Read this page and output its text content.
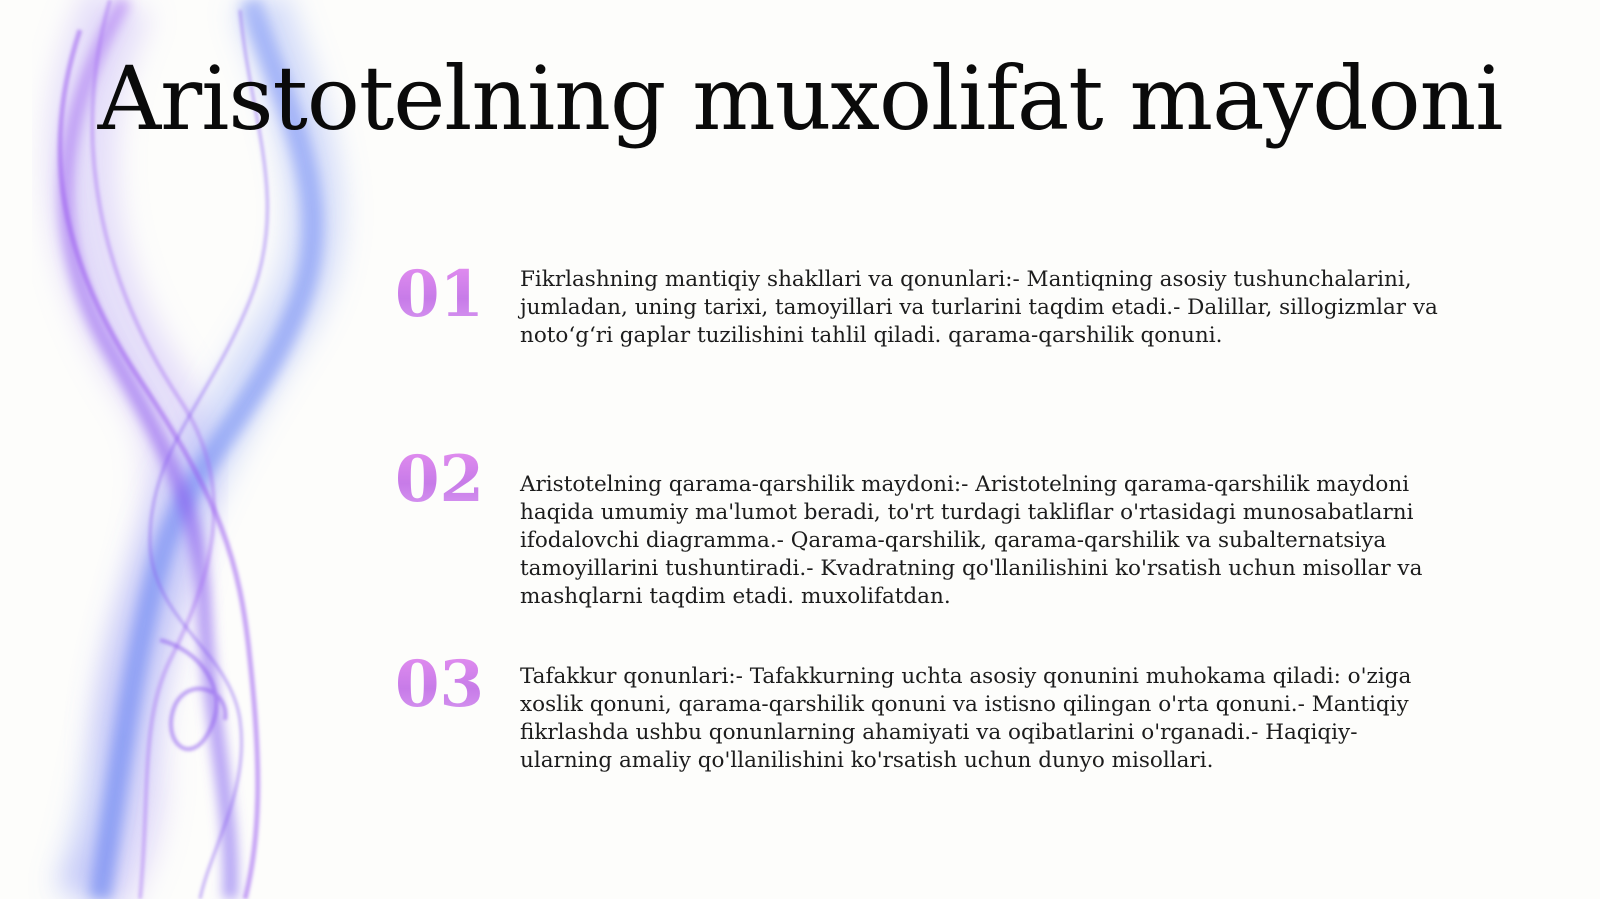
Aristotelning muxolifat maydoni
01 Fikrlashning mantiqiy shakllari va qonunlari:- Mantiqning asosiy tushunchalarini, jumladan, uning tarixi, tamoyillari va turlarini taqdim etadi.- Dalillar, sillogizmlar va noto‘g‘ri gaplar tuzilishini tahlil qiladi. qarama-qarshilik qonuni.

02 Aristotelning qarama-qarshilik maydoni:- Aristotelning qarama-qarshilik maydoni haqida umumiy ma'lumot beradi, to'rt turdagi takliflar o'rtasidagi munosabatlarni ifodalovchi diagramma.- Qarama-qarshilik, qarama-qarshilik va subalternatsiya tamoyillarini tushuntiradi.- Kvadratning qo'llanilishini ko'rsatish uchun misollar va mashqlarni taqdim etadi. muxolifatdan.

03 Tafakkur qonunlari:- Tafakkurning uchta asosiy qonunini muhokama qiladi: o'ziga xoslik qonuni, qarama-qarshilik qonuni va istisno qilingan o'rta qonuni.- Mantiqiy fikrlashda ushbu qonunlarning ahamiyati va oqibatlarini o'rganadi.- Haqiqiy-ularning amaliy qo'llanilishini ko'rsatish uchun dunyo misollari.
